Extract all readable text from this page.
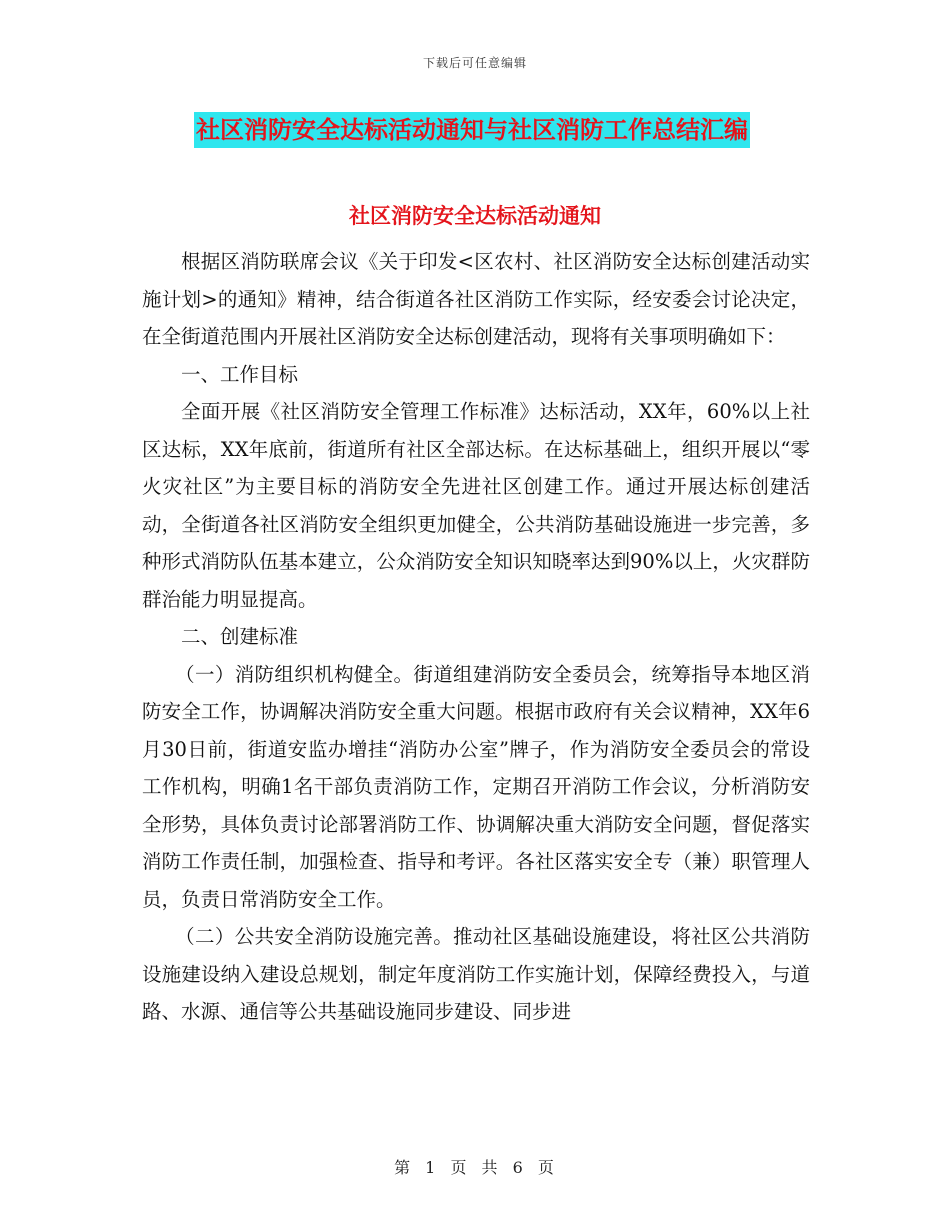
下载后可任意编辑
社区消防安全达标活动通知与社区消防工作总结汇编
社区消防安全达标活动通知

根据区消防联席会议《关于印发<区农村、社区消防安全达标创建活动实施计划>的通知》精神，结合街道各社区消防工作实际，经安委会讨论决定，在全街道范围内开展社区消防安全达标创建活动，现将有关事项明确如下：

一、工作目标

全面开展《社区消防安全管理工作标准》达标活动，XX年，60%以上社区达标，XX年底前，街道所有社区全部达标。在达标基础上，组织开展以“零火灾社区”为主要目标的消防安全先进社区创建工作。通过开展达标创建活动，全街道各社区消防安全组织更加健全，公共消防基础设施进一步完善，多种形式消防队伍基本建立，公众消防安全知识知晓率达到90%以上，火灾群防群治能力明显提高。

二、创建标准

（一）消防组织机构健全。街道组建消防安全委员会，统筹指导本地区消防安全工作，协调解决消防安全重大问题。根据市政府有关会议精神，XX年6月30日前，街道安监办增挂“消防办公室”牌子，作为消防安全委员会的常设工作机构，明确1名干部负责消防工作，定期召开消防工作会议，分析消防安全形势，具体负责讨论部署消防工作、协调解决重大消防安全问题，督促落实消防工作责任制，加强检查、指导和考评。各社区落实安全专（兼）职管理人员，负责日常消防安全工作。

（二）公共安全消防设施完善。推动社区基础设施建设，将社区公共消防设施建设纳入建设总规划，制定年度消防工作实施计划，保障经费投入，与道路、水源、通信等公共基础设施同步建设、同步进

第 1 页 共 6 页
